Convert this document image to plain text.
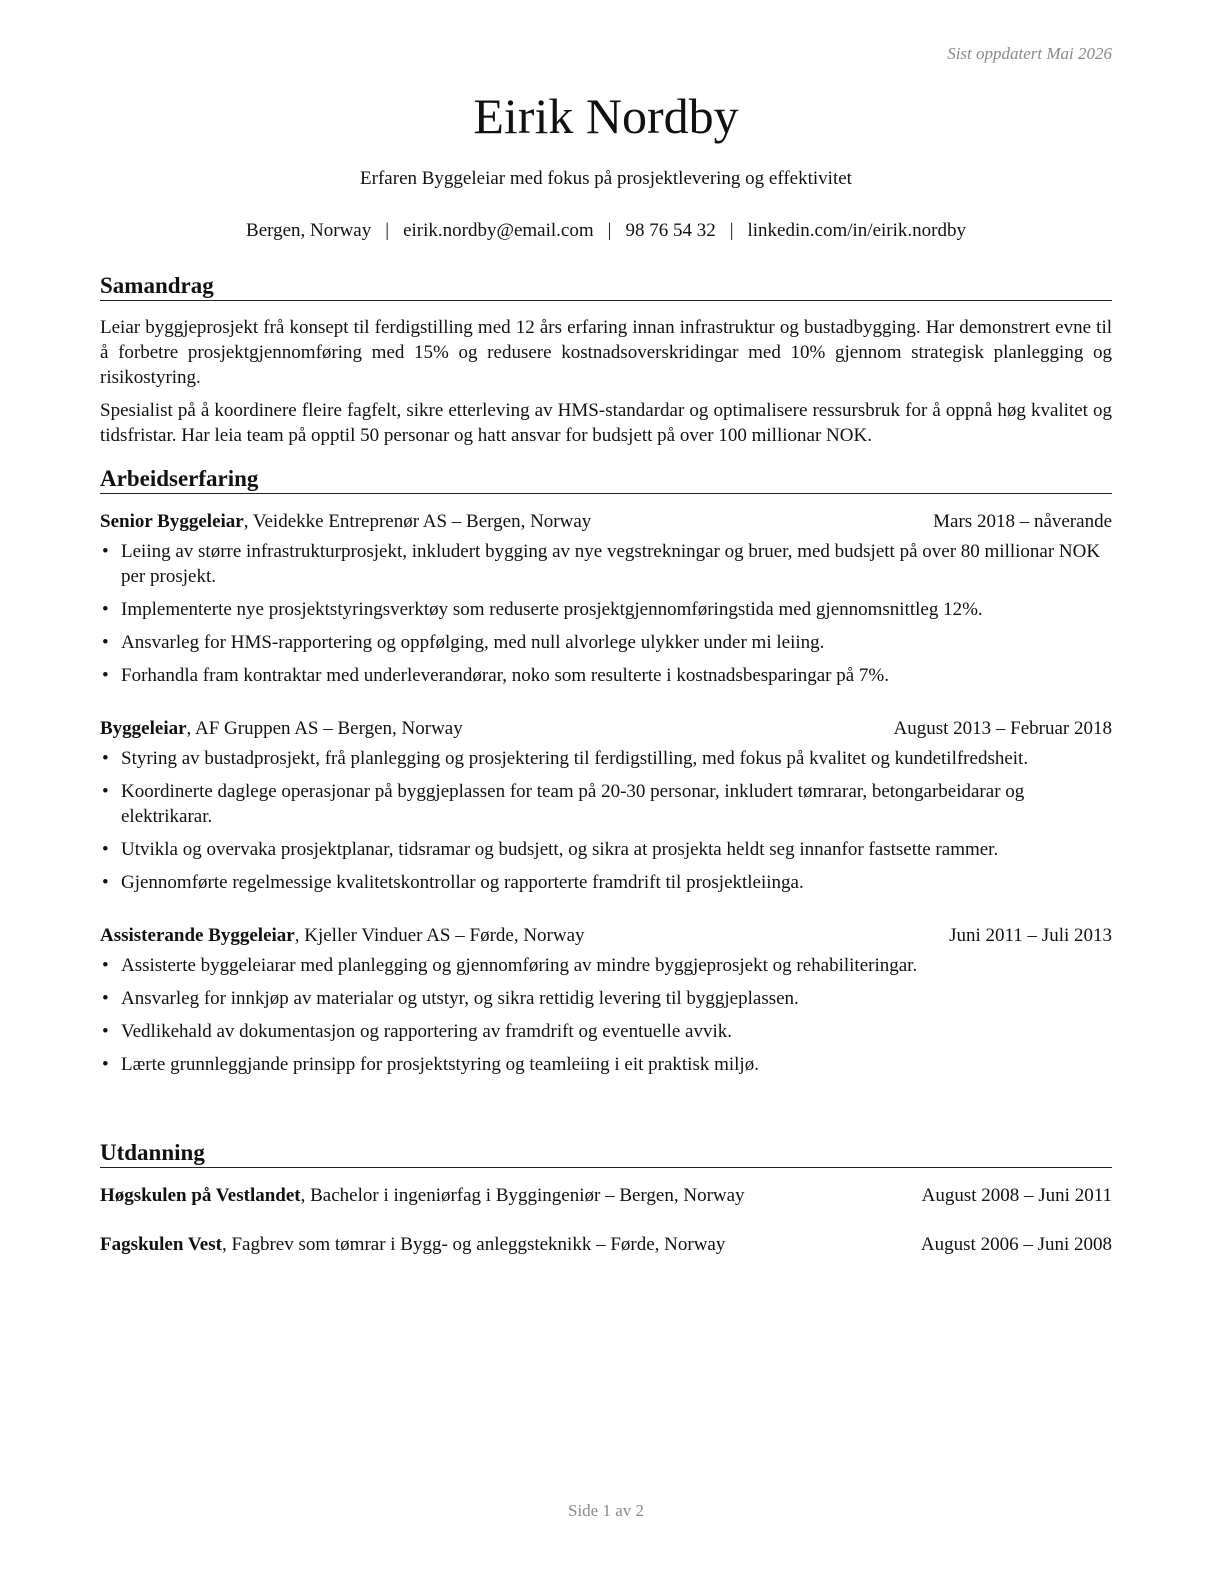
Sist oppdatert Mai 2026
Eirik Nordby
Erfaren Byggeleiar med fokus på prosjektlevering og effektivitet
Bergen, Norway | eirik.nordby@email.com | 98 76 54 32 | linkedin.com/in/eirik.nordby
Samandrag

Leiar byggjeprosjekt frå konsept til ferdigstilling med 12 års erfaring innan infrastruktur og bustadbygging. Har demonstrert evne til å forbetre prosjektgjennomføring med 15% og redusere kostnadsoverskridingar med 10% gjennom strategisk planlegging og risikostyring.

Spesialist på å koordinere fleire fagfelt, sikre etterleving av HMS-standardar og optimalisere ressursbruk for å oppnå høg kvalitet og tidsfristar. Har leia team på opptil 50 personar og hatt ansvar for budsjett på over 100 millionar NOK.

Arbeidserfaring
Senior Byggeleiar, Veidekke Entreprenør AS – Bergen, Norway	Mars 2018 – nåverande
• Leiing av større infrastrukturprosjekt, inkludert bygging av nye vegstrekningar og bruer, med budsjett på over 80 millionar NOK per prosjekt.
• Implementerte nye prosjektstyringsverktøy som reduserte prosjektgjennomføringstida med gjennomsnittleg 12%.
• Ansvarleg for HMS-rapportering og oppfølging, med null alvorlege ulykker under mi leiing.
• Forhandla fram kontraktar med underleverandørar, noko som resulterte i kostnadsbesparingar på 7%.
Byggeleiar, AF Gruppen AS – Bergen, Norway	August 2013 – Februar 2018
• Styring av bustadprosjekt, frå planlegging og prosjektering til ferdigstilling, med fokus på kvalitet og kundetilfredsheit.
• Koordinerte daglege operasjonar på byggjeplassen for team på 20-30 personar, inkludert tømrarar, betongarbeidarar og elektrikarar.
• Utvikla og overvaka prosjektplanar, tidsramar og budsjett, og sikra at prosjekta heldt seg innanfor fastsette rammer.
• Gjennomførte regelmessige kvalitetskontrollar og rapporterte framdrift til prosjektleiinga.
Assisterande Byggeleiar, Kjeller Vinduer AS – Førde, Norway	Juni 2011 – Juli 2013
• Assisterte byggeleiarar med planlegging og gjennomføring av mindre byggjeprosjekt og rehabiliteringar.
• Ansvarleg for innkjøp av materialar og utstyr, og sikra rettidig levering til byggjeplassen.
• Vedlikehald av dokumentasjon og rapportering av framdrift og eventuelle avvik.
• Lærte grunnleggjande prinsipp for prosjektstyring og teamleiing i eit praktisk miljø.
Utdanning
Høgskulen på Vestlandet, Bachelor i ingeniørfag i Byggingeniør – Bergen, Norway	August 2008 – Juni 2011
Fagskulen Vest, Fagbrev som tømrar i Bygg- og anleggsteknikk – Førde, Norway	August 2006 – Juni 2008
Side 1 av 2
